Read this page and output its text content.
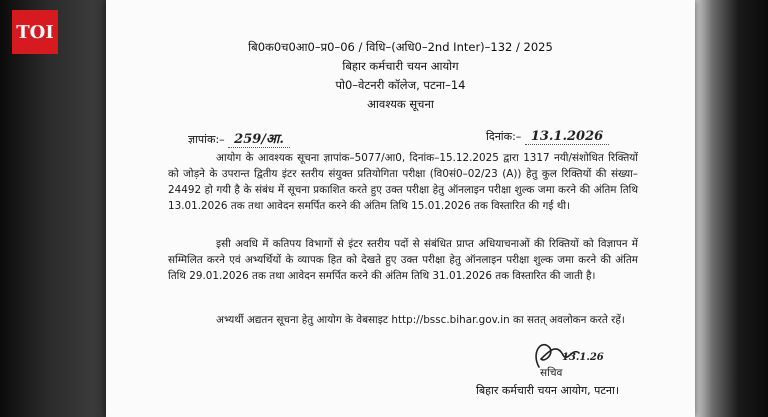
TOI
बि0क0च0आ0–प्र0–06 / विधि–(अधि0–2nd Inter)–132 / 2025
बिहार कर्मचारी चयन आयोग
पो0–वेटनरी कॉलेज, पटना–14
आवश्यक सूचना
ज्ञापांक:– 259/आ.	दिनांक:– 13.1.2026
आयोग के आवश्यक सूचना ज्ञापांक–5077/आ0, दिनांक–15.12.2025 द्वारा 1317 नयी/संशोधित रिक्तियों को जोड़ने के उपरान्त द्वितीय इंटर स्तरीय संयुक्त प्रतियोगिता परीक्षा (वि0सं0–02/23 (A)) हेतु कुल रिक्तियों की संख्या–24492 हो गयी है के संबंध में सूचना प्रकाशित करते हुए उक्त परीक्षा हेतु ऑनलाइन परीक्षा शुल्क जमा करने की अंतिम तिथि 13.01.2026 तक तथा आवेदन समर्पित करने की अंतिम तिथि 15.01.2026 तक विस्तारित की गई थी।
इसी अवधि में कतिपय विभागों से इंटर स्तरीय पदों से संबंधित प्राप्त अधियाचनाओं की रिक्तियों को विज्ञापन में सम्मिलित करने एवं अभ्यर्थियों के व्यापक हित को देखते हुए उक्त परीक्षा हेतु ऑनलाइन परीक्षा शुल्क जमा करने की अंतिम तिथि 29.01.2026 तक तथा आवेदन समर्पित करने की अंतिम तिथि 31.01.2026 तक विस्तारित की जाती है।
अभ्यर्थी अद्यतन सूचना हेतु आयोग के वेबसाइट http://bssc.bihar.gov.in का सतत् अवलोकन करते रहें।
13.1.26
सचिव
बिहार कर्मचारी चयन आयोग, पटना।
